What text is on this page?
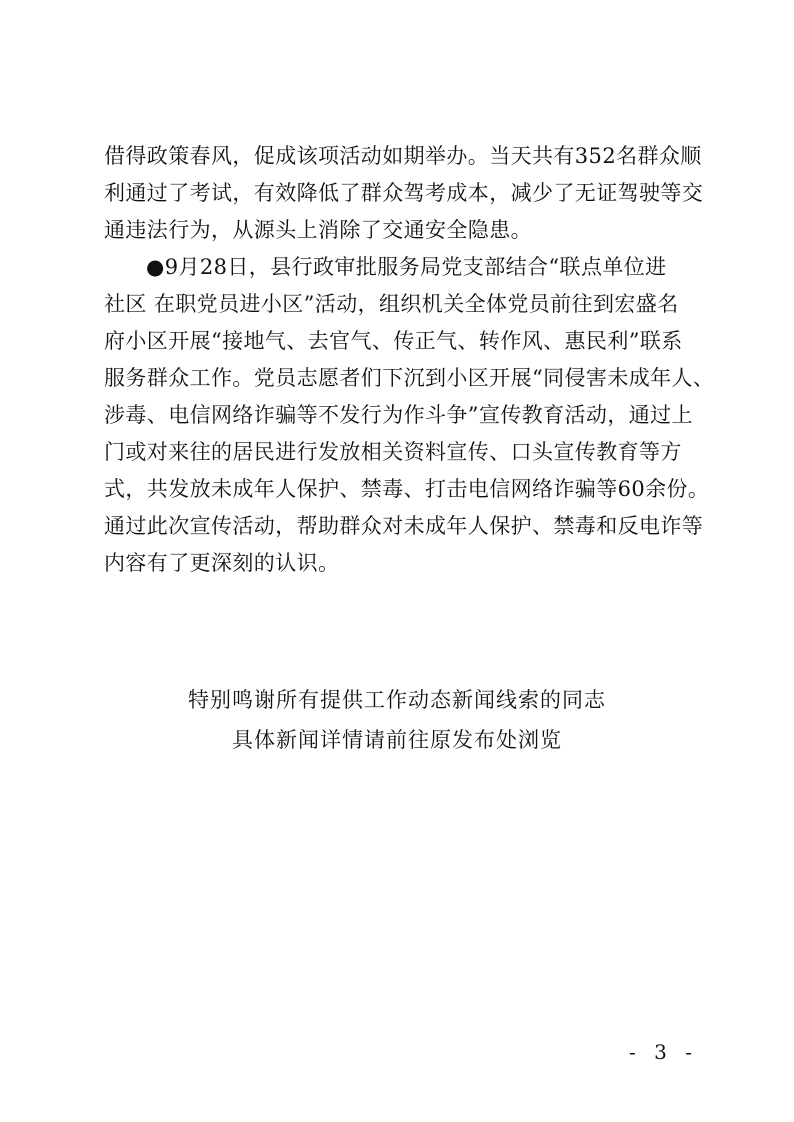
借得政策春风，促成该项活动如期举办。当天共有352名群众顺
利通过了考试，有效降低了群众驾考成本，减少了无证驾驶等交
通违法行为，从源头上消除了交通安全隐患。
●9月28日，县行政审批服务局党支部结合“联点单位进
社区 在职党员进小区”活动，组织机关全体党员前往到宏盛名
府小区开展“接地气、去官气、传正气、转作风、惠民利”联系
服务群众工作。党员志愿者们下沉到小区开展“同侵害未成年人、
涉毒、电信网络诈骗等不发行为作斗争”宣传教育活动，通过上
门或对来往的居民进行发放相关资料宣传、口头宣传教育等方
式，共发放未成年人保护、禁毒、打击电信网络诈骗等60余份。
通过此次宣传活动，帮助群众对未成年人保护、禁毒和反电诈等
内容有了更深刻的认识。
特别鸣谢所有提供工作动态新闻线索的同志
具体新闻详情请前往原发布处浏览
- 3 -
